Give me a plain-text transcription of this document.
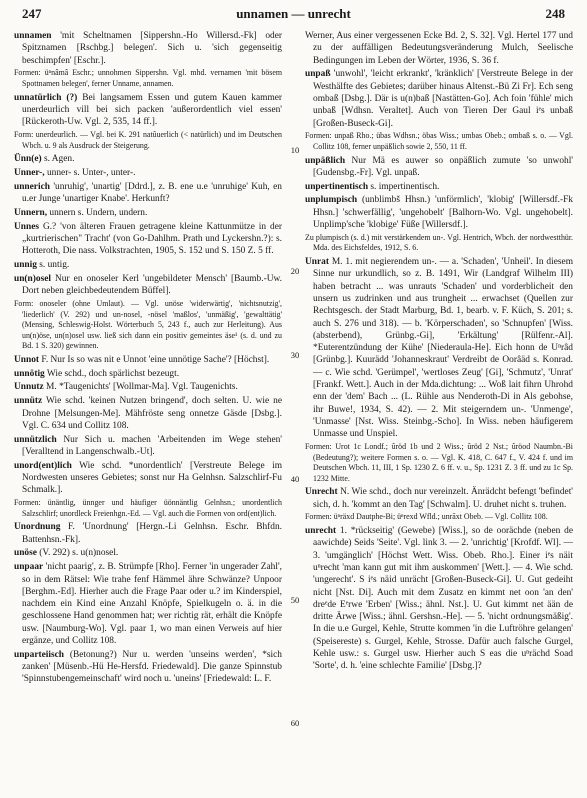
247	unnamen — unrecht	248

unnamen 'mit Scheltnamen [Sippershn.-Ho Willersd.-Fk] oder Spitznamen [Rschbg.] belegen'. Sich u. 'sich gegenseitig beschimpfen' [Eschr.].

Formen: üⁿnâmâ Eschr.; unnohmen Sippershn. Vgl. mhd. vernamen 'mit bösem Spottnamen belegen', ferner Unname, annamen.

unnatürlich (?) Bei langsamem Essen und gutem Kauen kammer unerdeurlich vill bei sich packen 'außerordentlich viel essen' [Rückeroth-Uw. Vgl. 2, 535, 14 ff.].

Form: unerdeurlich. — Vgl. bei K. 291 natûuerlich (< natürlich) und im Deutschen Wbch. u. 9 als Ausdruck der Steigerung.

Ünn(e) s. Agen.

Unner-, unner- s. Unter-, unter-.

unnerich 'unruhig', 'unartig' [Ddrd.], z. B. ene u.e 'unruhige' Kuh, en u.er Junge 'unartiger Knabe'. Herkunft?

Unnern, unnern s. Undern, undern.

Unnes G.? 'von älteren Frauen getragene kleine Kattunmütze in der „kurtrierischen" Tracht' (von Go-Dahlhm. Prath und Lyckershn.?): s. Hotteroth, Die nass. Volkstrachten, 1905, S. 152 und S. 150 Z. 5 ff.

unnig s. untig.

un(n)osel Nur en onoseler Kerl 'ungebildeter Mensch' [Baumb.-Uw. Dort neben gleichbedeutendem Büffel].

Form: onoseler (ohne Umlaut). — Vgl. unöse 'widerwärtig', 'nichtsnutzig', 'liederlich' (V. 292) und un-nosel, -nösel 'maßlos', 'unmäßig', 'gewalttätig' (Mensing, Schleswig-Holst. Wörterbuch 5, 243 f., auch zur Herleitung). Aus un(n)öse, un(n)osel usw. ließ sich dann ein positiv gemeintes äse¹ (s. d. und zu Bd. 1 S. 320) gewinnen.

Unnot F. Nur Is so was nit e Unnot 'eine unnötige Sache'? [Höchst].

unnötig Wie schd., doch spärlichst bezeugt.

Unnutz M. *Taugenichts' [Wollmar-Ma]. Vgl. Taugenichts.

unnütz Wie schd. 'keinen Nutzen bringend', doch selten. U. wie ne Drohne [Melsungen-Me]. Mähfröste seng onnetze Gäsde [Dsbg.]. Vgl. C. 634 und Collitz 108.

unnützlich Nur Sich u. machen 'Arbeitenden im Wege stehen' [Veralltend in Langenschwalb.-Ut].

unord(ent)lich Wie schd. *unordentlich' [Verstreute Belege im Nordwesten unseres Gebietes; sonst nur Ha Gelnhsn. Salzschlirf-Fu Schmalk.].

Formen: ünäntlig, ünnger und häufiger üönnäntlig Gelnhsn.; unordentlich Salzschlirf; unordleck Freienhgn.-Ed. — Vgl. auch die Formen von ord(ent)lich.

Unordnung F. 'Unordnung' [Hergn.-Li Gelnhsn. Eschr. Bhfdn. Battenhsn.-Fk].

unöse (V. 292) s. u(n)nosel.

unpaar 'nicht paarig', z. B. Strümpfe [Rho]. Ferner 'in ungerader Zahl', so in dem Rätsel: Wie trahe fenf Hämmel ähre Schwänze? Unpoor [Berghm.-Ed]. Hierher auch die Frage Paar oder u.? im Kinderspiel, nachdem ein Kind eine Anzahl Knöpfe, Spielkugeln o. ä. in die geschlossene Hand genommen hat; wer richtig rät, erhält die Knöpfe usw. [Naumburg-Wo]. Vgl. paar 1, wo man einen Verweis auf hier ergänze, und Collitz 108.

unparteiisch (Betonung?) Nur u. werden 'unseins werden', *sich zanken' [Müsenb.-Hü He-Hersfd. Friedewald]. Die ganze Spinnstub 'Spinnstubengemeinschaft' wird noch u. 'uneins' [Friedewald: L. F.

10
20
30
40
50
60

Werner, Aus einer vergessenen Ecke Bd. 2, S. 32]. Vgl. Hertel 177 und zu der auffälligen Bedeutungsveränderung Mulch, Seelische Bedingungen im Leben der Wörter, 1936, S. 36 f.

unpaß 'unwohl', 'leicht erkrankt', 'kränklich' [Verstreute Belege in der Westhälfte des Gebietes; darüber hinaus Altenst.-Bü Zi Fr]. Ech seng ombaß [Dsbg.]. Där is u(n)baß [Nastätten-Go]. Ach foin 'fühle' mich unbaß [Wdhsn. Veraltet]. Auch von Tieren Der Gaul iᵉs unbaß [Großen-Buseck-Gi].

Formen: unpaß Rho.; übas Wdhsn.; öbas Wiss.; umbas Obeb.; ombaß s. o. — Vgl. Collitz 108, ferner unpäßlich sowie 2, 550, 11 ff.

unpäßlich Nur Mä es auwer so onpäßlich zumute 'so unwohl' [Gudensbg.-Fr]. Vgl. unpaß.

unpertinentisch s. impertinentisch.

unplumpisch (unblimbš Hhsn.) 'unförmlich', 'klobig' [Willersdf.-Fk Hhsn.] 'schwerfällig', 'ungehobelt' [Balhorn-Wo. Vgl. ungehobelt]. Unplimp'sche 'klobige' Füße [Willersdf.].

Zu plumpisch (s. d.) mit verstärkendem un-. Vgl. Hentrich, Wbch. der nordwestthür. Mda. des Eichsfeldes, 1912, S. 6.

Unrat M. 1. mit negierendem un-. — a. 'Schaden', 'Unheil'. In diesem Sinne nur urkundlich, so z. B. 1491, Wir (Landgraf Wilhelm III) haben betracht ... was unrauts 'Schaden' und vorderblicheit den unsern us zudrinken und aus trungheit ... erwachset (Quellen zur Rechtsgesch. der Stadt Marburg, Bd. 1, bearb. v. F. Küch, S. 201; s. auch S. 276 und 318). — b. 'Körperschaden', so 'Schnupfen' [Wiss. (absterbend), Grünbg.-Gi], 'Erkältung' [Rülfenr.-Al]. *Euterentzündung der Kühe' [Niederaula-He]. Eich honn de Uⁿrâd [Grünbg.]. Kuurädd 'Johanneskraut' Verdreibt de Oorâäd s. Konrad. — c. Wie schd. 'Gerümpel', 'wertloses Zeug' [Gi], 'Schmutz', 'Unrat' [Frankf. Wett.]. Auch in der Mda.dichtung: ... Woß lait fihrn Uhrohd enn der 'dem' Bach ... (L. Rühle aus Nenderoth-Di in Als gebohse, ihr Buwe!, 1934, S. 42). — 2. Mit steigerndem un-. 'Unmenge', 'Unmasse' [Nst. Wiss. Steinbg.-Scho]. In Wiss. neben häufigerem Unmasse und Unspiel.

Formen: Urot 1c Londf.; ûröd 1b und 2 Wiss.; ûröd 2 Nst.; ûröod Naumbn.-Bi (Bedeutung?); weitere Formen s. o. — Vgl. K. 418, C. 647 f., V. 424 f. und im Deutschen Wbch. 11, III, 1 Sp. 1230 Z. 6 ff. v. u., Sp. 1231 Z. 3 ff. und zu 1c Sp. 1232 Mitte.

Unrecht N. Wie schd., doch nur vereinzelt. Änrädcht befengt 'befindet' sich, d. h. 'kommt an den Tag' [Schwalm]. U. druhet nicht s. truhen.

Formen: üⁿräxd Dautphe-Bi; üⁿrexd Wfld.; unrāxt Obeb. — Vgl. Collitz 108.

unrecht 1. *rückseitig' (Gewebe) [Wiss.], so de oorächde (neben de aawichde) Seids 'Seite'. Vgl. link 3. — 2. 'unrichtig' [Krofdf. Wl]. — 3. 'umgänglich' [Höchst Wett. Wiss. Obeb. Rho.]. Einer iᵉs näit uⁿrecht 'man kann gut mit ihm auskommen' [Wett.]. — 4. Wie schd. 'ungerecht'. S iᵉs näid unrächt [Großen-Buseck-Gi]. U. Gut gedeiht nicht [Nst. Di]. Auch mit dem Zusatz en kimmt net oon 'an den' dreᵉde Eᵉrwe 'Erben' [Wiss.; ähnl. Nst.]. U. Gut kimmt net ään de dritte Ärwe [Wiss.; ähnl. Gershsn.-He]. — 5. 'nicht ordnungsmäßig'. In die u.e Gurgel, Kehle, Strutte kommen 'in die Luftröhre gelangen' (Speisereste) s. Gurgel, Kehle, Strosse. Dafür auch falsche Gurgel, Kehle usw.: s. Gurgel usw. Hierher auch S eas die uⁿrächd Soad 'Sorte', d. h. 'eine schlechte Familie' [Dsbg.]?
